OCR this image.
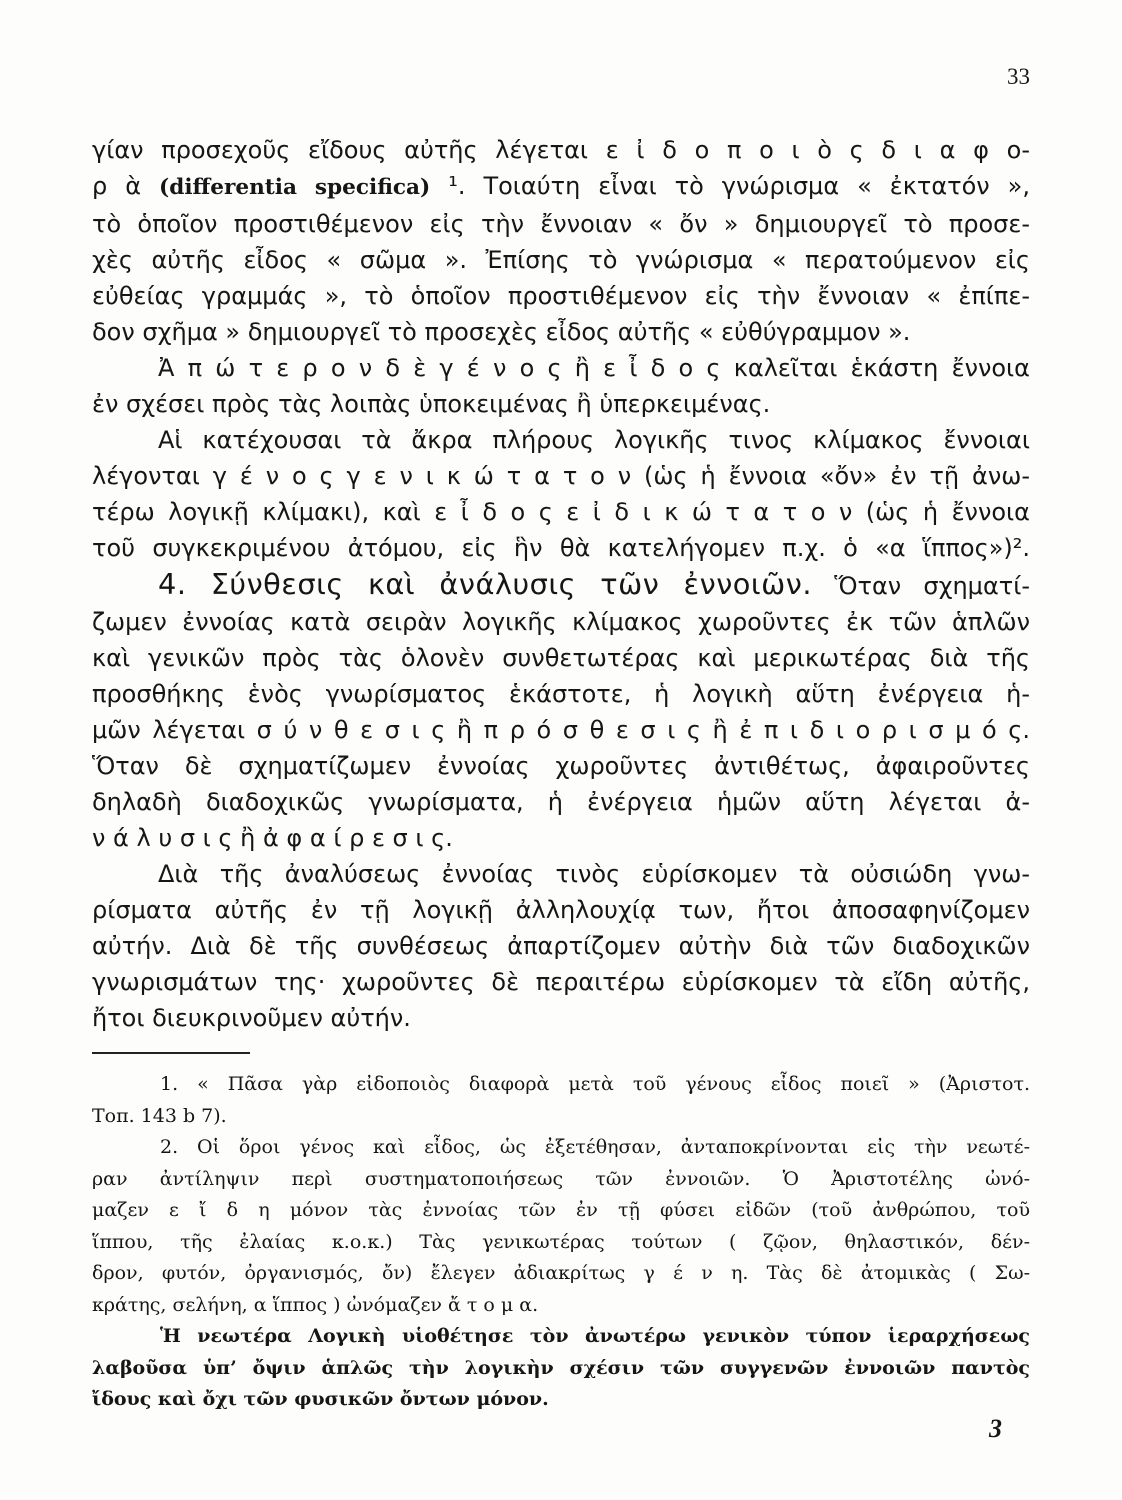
33
γίαν προσεχοῦς εἴδους αὐτῆς λέγεται ε ἰ δ ο π ο ι ὸ ς δ ι α φ ο-
ρ ὰ (differentia specifica) ¹. Τοιαύτη εἶναι τὸ γνώρισμα « ἐκτατόν »,
τὸ ὁποῖον προστιθέμενον εἰς τὴν ἔννοιαν « ὄν » δημιουργεῖ τὸ προσε-
χὲς αὐτῆς εἶδος « σῶμα ». Ἐπίσης τὸ γνώρισμα « περατούμενον εἰς
εὐθείας γραμμάς », τὸ ὁποῖον προστιθέμενον εἰς τὴν ἔννοιαν « ἐπίπε-
δον σχῆμα » δημιουργεῖ τὸ προσεχὲς εἶδος αὐτῆς « εὐθύγραμμον ».
Ἀ π ώ τ ε ρ ο ν δ ὲ γ έ ν ο ς ἢ ε ἶ δ ο ς καλεῖται ἑκάστη ἔννοια
ἐν σχέσει πρὸς τὰς λοιπὰς ὑποκειμένας ἢ ὑπερκειμένας.
Αἱ κατέχουσαι τὰ ἄκρα πλήρους λογικῆς τινος κλίμακος ἔννοιαι
λέγονται γ έ ν ο ς γ ε ν ι κ ώ τ α τ ο ν (ὡς ἡ ἔννοια «ὄν» ἐν τῇ ἀνω-
τέρω λογικῇ κλίμακι), καὶ ε ἶ δ ο ς ε ἰ δ ι κ ώ τ α τ ο ν (ὡς ἡ ἔννοια
τοῦ συγκεκριμένου ἀτόμου, εἰς ἣν θὰ κατελήγομεν π.χ. ὁ «α ἵππος»)².
4. Σύνθεσις καὶ ἀνάλυσις τῶν ἐννοιῶν. Ὅταν σχηματί-
ζωμεν ἐννοίας κατὰ σειρὰν λογικῆς κλίμακος χωροῦντες ἐκ τῶν ἁπλῶν
καὶ γενικῶν πρὸς τὰς ὁλονὲν συνθετωτέρας καὶ μερικωτέρας διὰ τῆς
προσθήκης ἑνὸς γνωρίσματος ἑκάστοτε, ἡ λογικὴ αὕτη ἐνέργεια ἡ-
μῶν λέγεται σ ύ ν θ ε σ ι ς ἢ π ρ ό σ θ ε σ ι ς ἢ ἐ π ι δ ι ο ρ ι σ μ ό ς.
Ὅταν δὲ σχηματίζωμεν ἐννοίας χωροῦντες ἀντιθέτως, ἀφαιροῦντες
δηλαδὴ διαδοχικῶς γνωρίσματα, ἡ ἐνέργεια ἡμῶν αὕτη λέγεται ἀ-
ν ά λ υ σ ι ς ἢ ἀ φ α ί ρ ε σ ι ς.
Διὰ τῆς ἀναλύσεως ἐννοίας τινὸς εὑρίσκομεν τὰ οὐσιώδη γνω-
ρίσματα αὐτῆς ἐν τῇ λογικῇ ἀλληλουχίᾳ των, ἤτοι ἀποσαφηνίζομεν
αὐτήν. Διὰ δὲ τῆς συνθέσεως ἀπαρτίζομεν αὐτὴν διὰ τῶν διαδοχικῶν
γνωρισμάτων της· χωροῦντες δὲ περαιτέρω εὑρίσκομεν τὰ εἴδη αὐτῆς,
ἤτοι διευκρινοῦμεν αὐτήν.
1. « Πᾶσα γὰρ εἰδοποιὸς διαφορὰ μετὰ τοῦ γένους εἶδος ποιεῖ » (Ἀριστοτ.
Τοπ. 143 b 7).
2. Οἱ ὅροι γένος καὶ εἶδος, ὡς ἐξετέθησαν, ἀνταποκρίνονται εἰς τὴν νεωτέ-
ραν ἀντίληψιν περὶ συστηματοποιήσεως τῶν ἐννοιῶν. Ὁ Ἀριστοτέλης ὠνό-
μαζεν ε ἴ δ η μόνον τὰς ἐννοίας τῶν ἐν τῇ φύσει εἰδῶν (τοῦ ἀνθρώπου, τοῦ
ἵππου, τῆς ἐλαίας κ.ο.κ.) Τὰς γενικωτέρας τούτων ( ζῷον, θηλαστικόν, δέν-
δρον, φυτόν, ὀργανισμός, ὄν) ἔλεγεν ἀδιακρίτως γ έ ν η. Τὰς δὲ ἀτομικὰς ( Σω-
κράτης, σελήνη, α ἵππος ) ὠνόμαζεν ἄ τ ο μ α.
Ἡ νεωτέρα Λογικὴ υἱοθέτησε τὸν ἀνωτέρω γενικὸν τύπον ἱεραρχήσεως
λαβοῦσα ὑπ’ ὄψιν ἁπλῶς τὴν λογικὴν σχέσιν τῶν συγγενῶν ἐννοιῶν παντὸς
ἴδους καὶ ὄχι τῶν φυσικῶν ὄντων μόνον.
3
